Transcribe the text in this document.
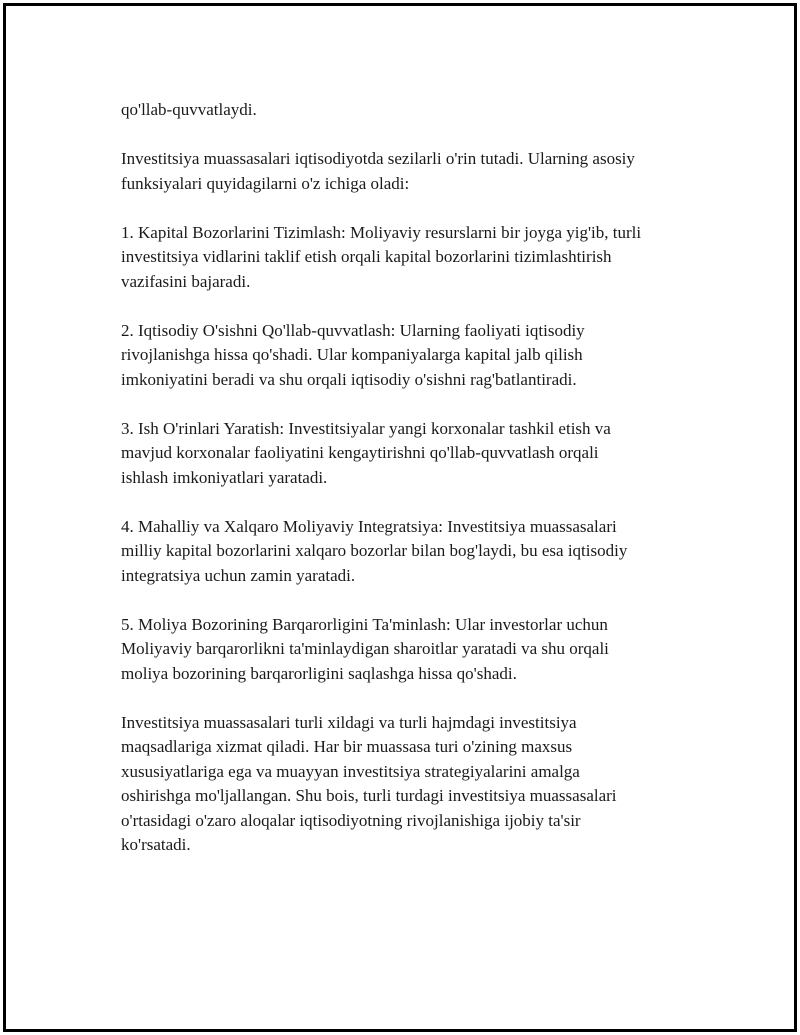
qo'llab-quvvatlaydi.

Investitsiya muassasalari iqtisodiyotda sezilarli o'rin tutadi. Ularning asosiy
funksiyalari quyidagilarni o'z ichiga oladi:

1. Kapital Bozorlarini Tizimlash: Moliyaviy resurslarni bir joyga yig'ib, turli
investitsiya vidlarini taklif etish orqali kapital bozorlarini tizimlashtirish
vazifasini bajaradi.

2. Iqtisodiy O'sishni Qo'llab-quvvatlash: Ularning faoliyati iqtisodiy
rivojlanishga hissa qo'shadi. Ular kompaniyalarga kapital jalb qilish
imkoniyatini beradi va shu orqali iqtisodiy o'sishni rag'batlantiradi.

3. Ish O'rinlari Yaratish: Investitsiyalar yangi korxonalar tashkil etish va
mavjud korxonalar faoliyatini kengaytirishni qo'llab-quvvatlash orqali
ishlash imkoniyatlari yaratadi.

4. Mahalliy va Xalqaro Moliyaviy Integratsiya: Investitsiya muassasalari
milliy kapital bozorlarini xalqaro bozorlar bilan bog'laydi, bu esa iqtisodiy
integratsiya uchun zamin yaratadi.

5. Moliya Bozorining Barqarorligini Ta'minlash: Ular investorlar uchun
Moliyaviy barqarorlikni ta'minlaydigan sharoitlar yaratadi va shu orqali
moliya bozorining barqarorligini saqlashga hissa qo'shadi.

Investitsiya muassasalari turli xildagi va turli hajmdagi investitsiya
maqsadlariga xizmat qiladi. Har bir muassasa turi o'zining maxsus
xususiyatlariga ega va muayyan investitsiya strategiyalarini amalga
oshirishga mo'ljallangan. Shu bois, turli turdagi investitsiya muassasalari
o'rtasidagi o'zaro aloqalar iqtisodiyotning rivojlanishiga ijobiy ta'sir
ko'rsatadi.
